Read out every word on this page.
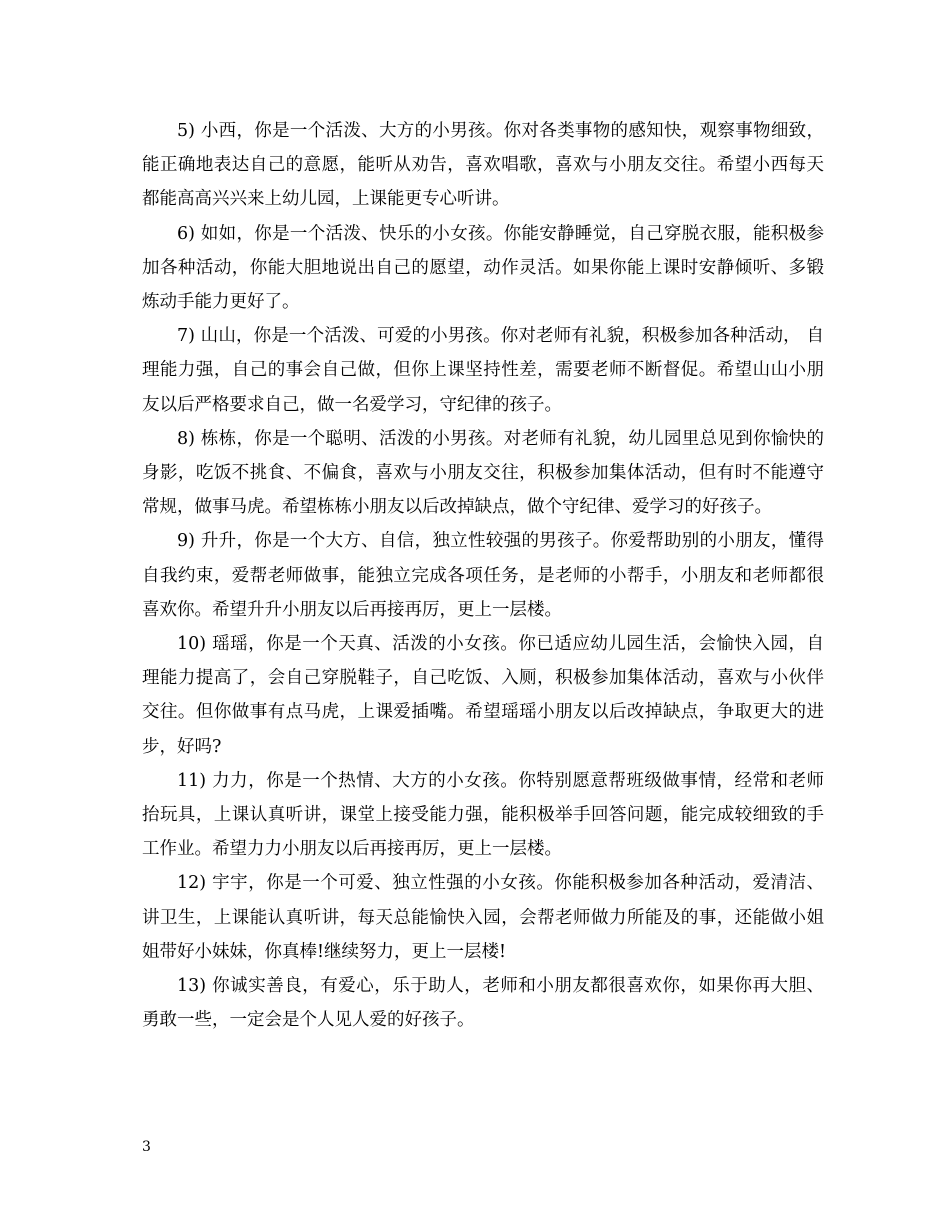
5) 小西，你是一个活泼、大方的小男孩。你对各类事物的感知快，观察事物细致，能正确地表达自己的意愿，能听从劝告，喜欢唱歌，喜欢与小朋友交往。希望小西每天都能高高兴兴来上幼儿园，上课能更专心听讲。

6) 如如，你是一个活泼、快乐的小女孩。你能安静睡觉，自己穿脱衣服，能积极参加各种活动，你能大胆地说出自己的愿望，动作灵活。如果你能上课时安静倾听、多锻炼动手能力更好了。

7) 山山，你是一个活泼、可爱的小男孩。你对老师有礼貌，积极参加各种活动， 自理能力强，自己的事会自己做，但你上课坚持性差，需要老师不断督促。希望山山小朋友以后严格要求自己，做一名爱学习，守纪律的孩子。

8) 栋栋，你是一个聪明、活泼的小男孩。对老师有礼貌，幼儿园里总见到你愉快的身影，吃饭不挑食、不偏食，喜欢与小朋友交往，积极参加集体活动，但有时不能遵守常规，做事马虎。希望栋栋小朋友以后改掉缺点，做个守纪律、爱学习的好孩子。

9) 升升，你是一个大方、自信，独立性较强的男孩子。你爱帮助别的小朋友，懂得自我约束，爱帮老师做事，能独立完成各项任务，是老师的小帮手，小朋友和老师都很喜欢你。希望升升小朋友以后再接再厉，更上一层楼。

10) 瑶瑶，你是一个天真、活泼的小女孩。你已适应幼儿园生活，会愉快入园，自理能力提高了，会自己穿脱鞋子，自己吃饭、入厕，积极参加集体活动，喜欢与小伙伴交往。但你做事有点马虎，上课爱插嘴。希望瑶瑶小朋友以后改掉缺点，争取更大的进步，好吗?

11) 力力，你是一个热情、大方的小女孩。你特别愿意帮班级做事情，经常和老师抬玩具，上课认真听讲，课堂上接受能力强，能积极举手回答问题，能完成较细致的手工作业。希望力力小朋友以后再接再厉，更上一层楼。

12) 宇宇，你是一个可爱、独立性强的小女孩。你能积极参加各种活动，爱清洁、讲卫生，上课能认真听讲，每天总能愉快入园，会帮老师做力所能及的事，还能做小姐姐带好小妹妹，你真棒!继续努力，更上一层楼!

13) 你诚实善良，有爱心，乐于助人，老师和小朋友都很喜欢你，如果你再大胆、勇敢一些，一定会是个人见人爱的好孩子。

3
